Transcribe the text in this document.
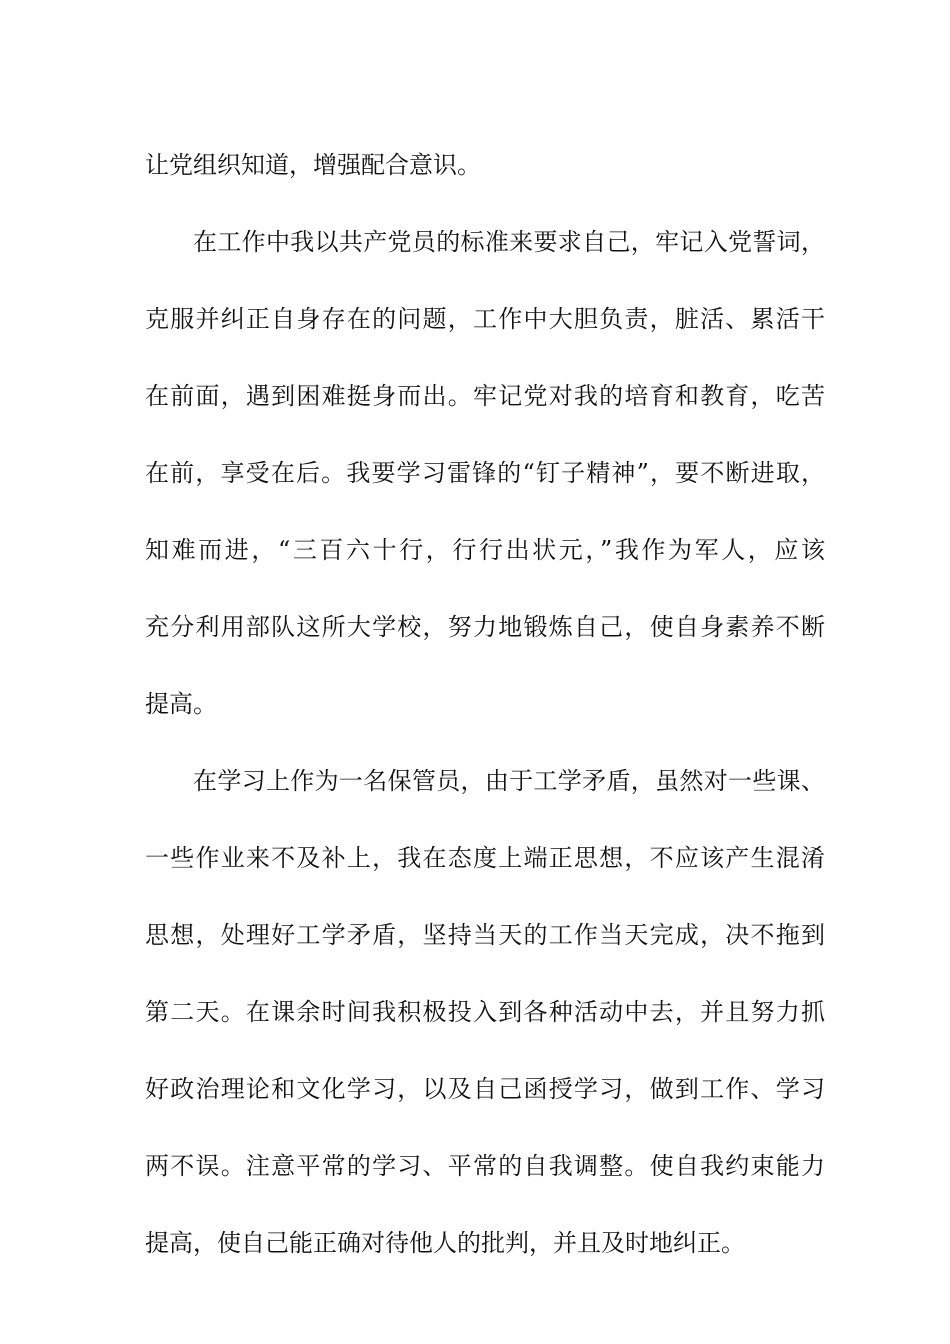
让党组织知道，增强配合意识。
在工作中我以共产党员的标准来要求自己，牢记入党誓词，
克服并纠正自身存在的问题，工作中大胆负责，脏活、累活干
在前面，遇到困难挺身而出。牢记党对我的培育和教育，吃苦
在前，享受在后。我要学习雷锋的“钉子精神”，要不断进取，
知难而进，“三百六十行，行行出状元，”我作为军人，应该
充分利用部队这所大学校，努力地锻炼自己，使自身素养不断
提高。
在学习上作为一名保管员，由于工学矛盾，虽然对一些课、
一些作业来不及补上，我在态度上端正思想，不应该产生混淆
思想，处理好工学矛盾，坚持当天的工作当天完成，决不拖到
第二天。在课余时间我积极投入到各种活动中去，并且努力抓
好政治理论和文化学习，以及自己函授学习，做到工作、学习
两不误。注意平常的学习、平常的自我调整。使自我约束能力
提高，使自己能正确对待他人的批判，并且及时地纠正。
